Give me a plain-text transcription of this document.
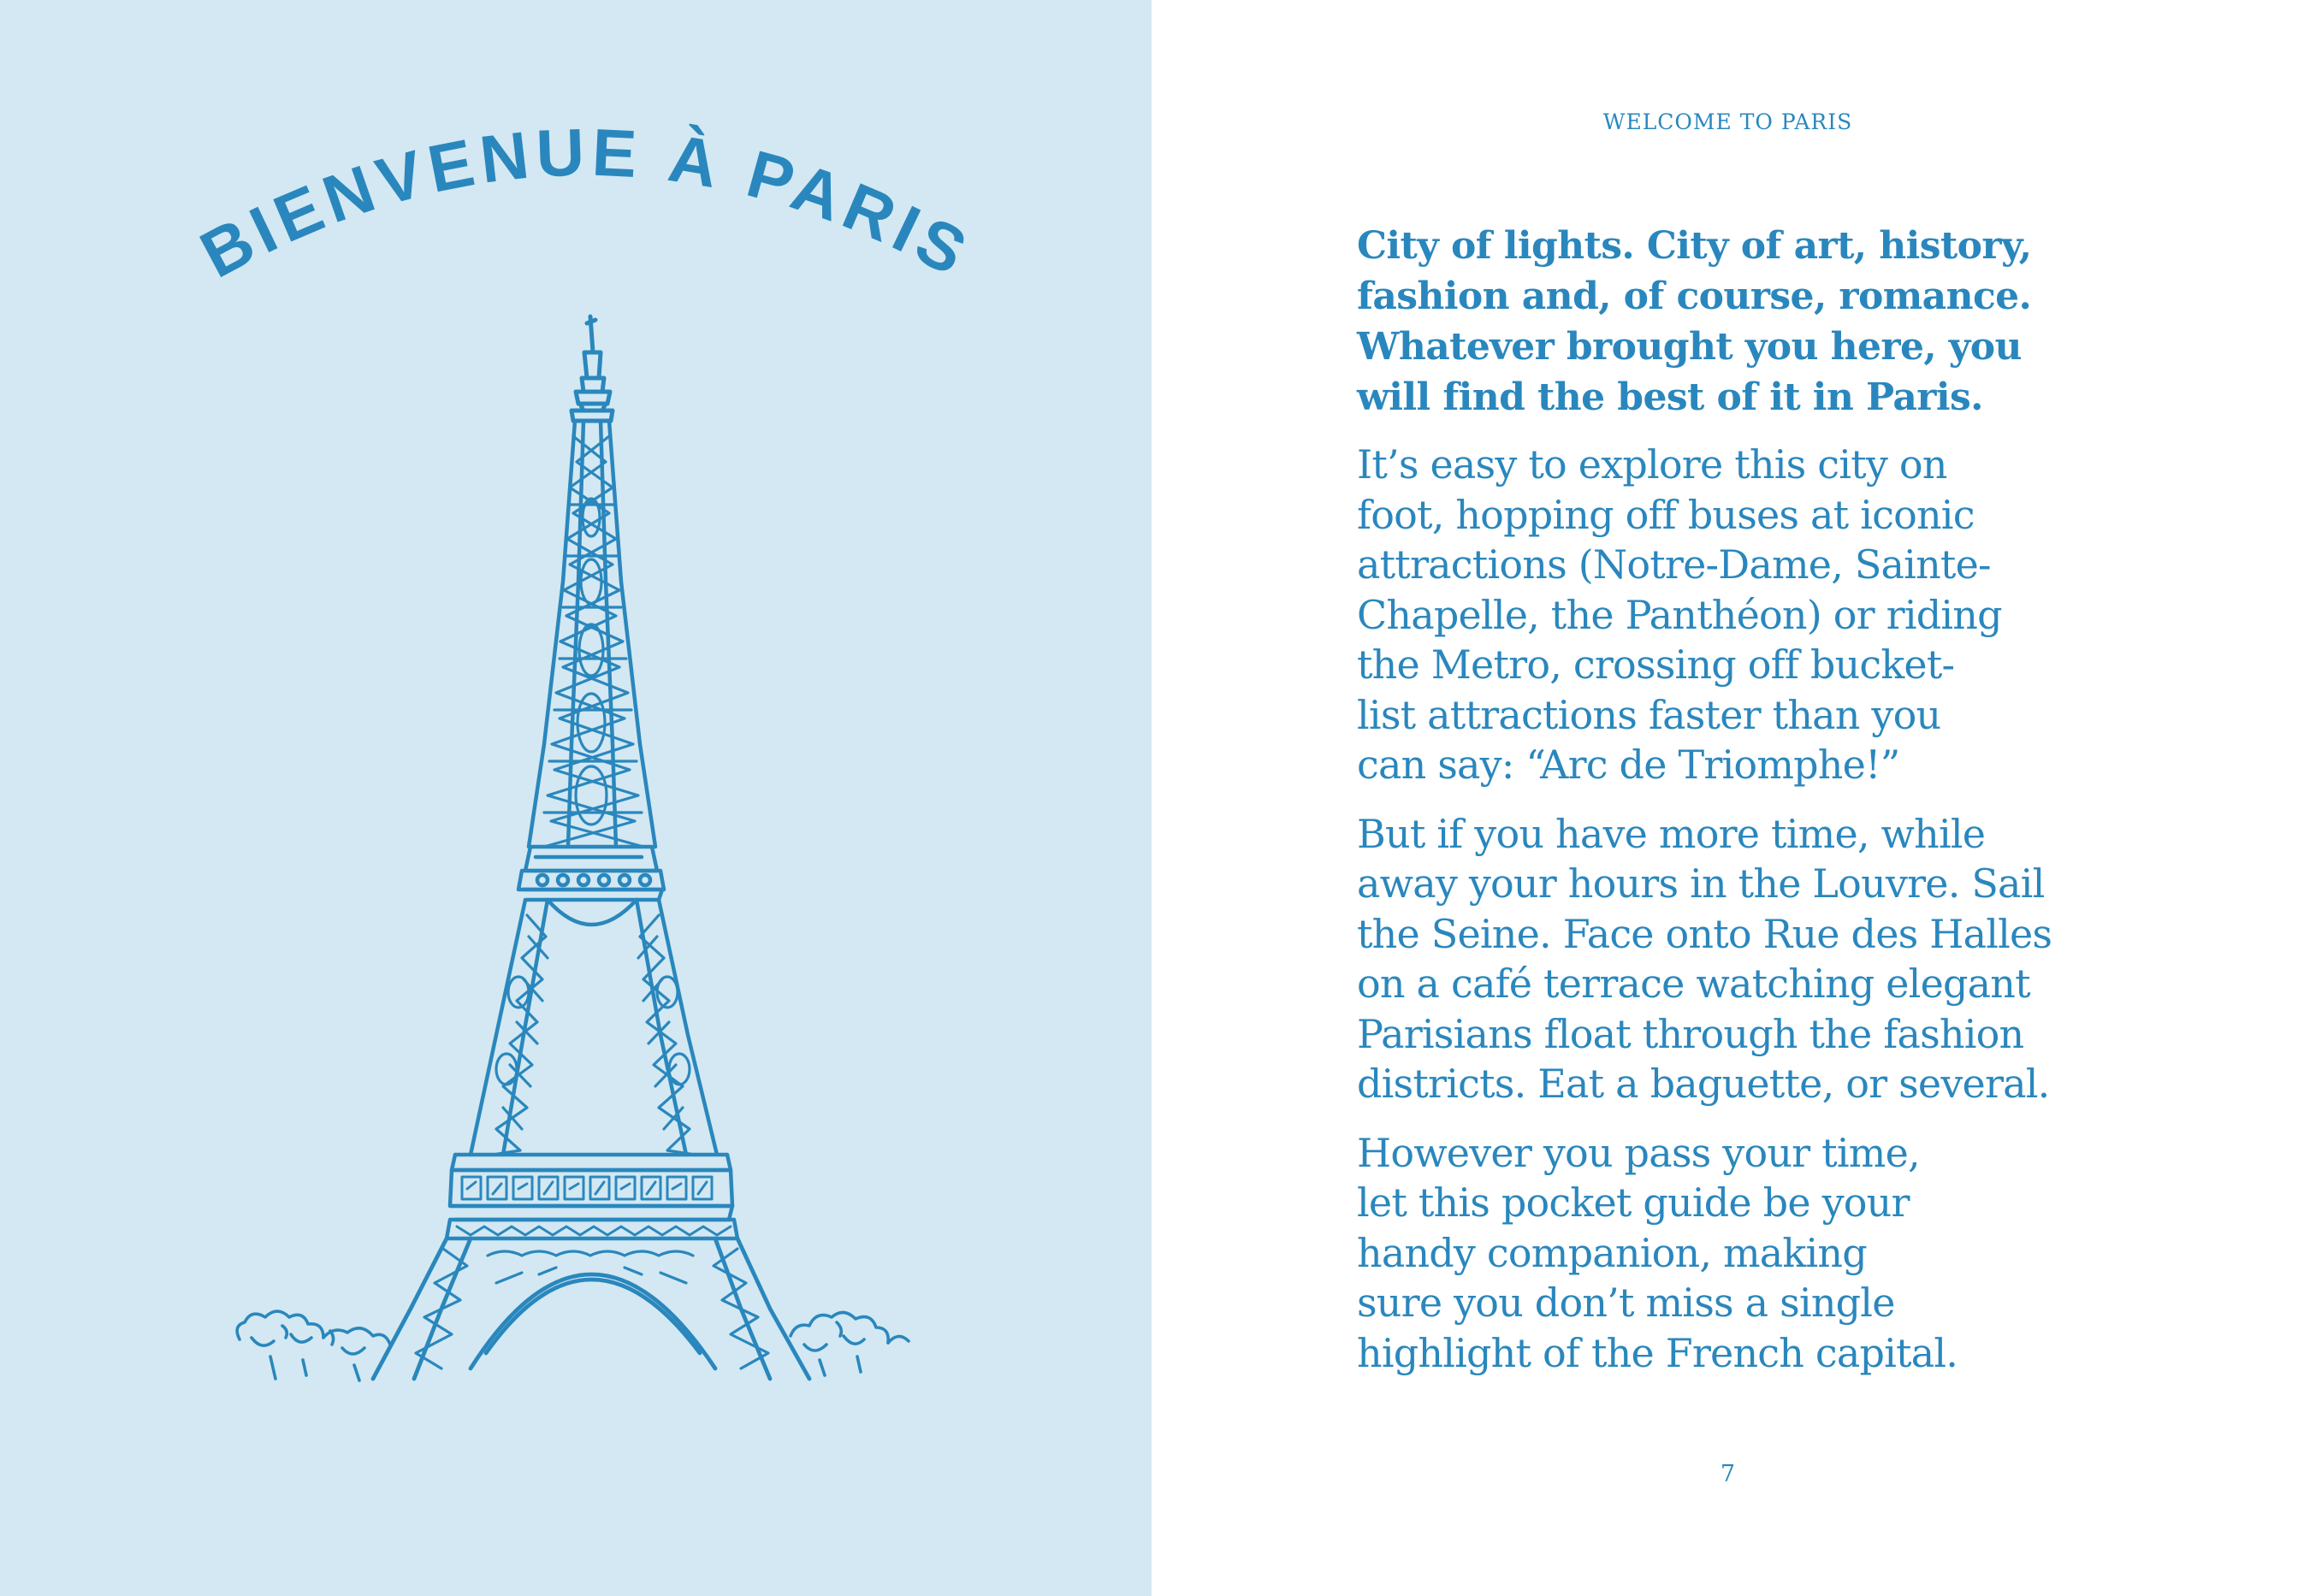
BIENVENUE À PARIS
WELCOME TO PARIS

City of lights. City of art, history,
fashion and, of course, romance.
Whatever brought you here, you
will find the best of it in Paris.

It’s easy to explore this city on
foot, hopping off buses at iconic
attractions (Notre-Dame, Sainte-
Chapelle, the Panthéon) or riding
the Metro, crossing off bucket-
list attractions faster than you
can say: “Arc de Triomphe!”

But if you have more time, while
away your hours in the Louvre. Sail
the Seine. Face onto Rue des Halles
on a café terrace watching elegant
Parisians float through the fashion
districts. Eat a baguette, or several.

However you pass your time,
let this pocket guide be your
handy companion, making
sure you don’t miss a single
highlight of the French capital.

7
